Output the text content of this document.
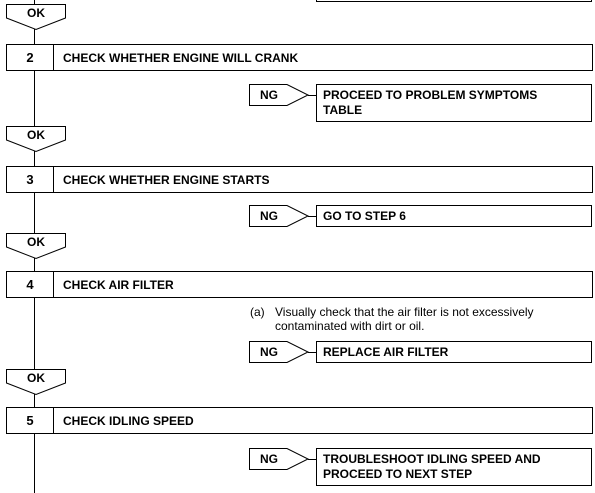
OK
2	CHECK WHETHER ENGINE WILL CRANK
NG	PROCEED TO PROBLEM SYMPTOMS
TABLE
OK
3	CHECK WHETHER ENGINE STARTS
NG	GO TO STEP 6
OK
4	CHECK AIR FILTER
(a) Visually check that the air filter is not excessively
contaminated with dirt or oil.
NG	REPLACE AIR FILTER
OK
5	CHECK IDLING SPEED
NG	TROUBLESHOOT IDLING SPEED AND
PROCEED TO NEXT STEP
